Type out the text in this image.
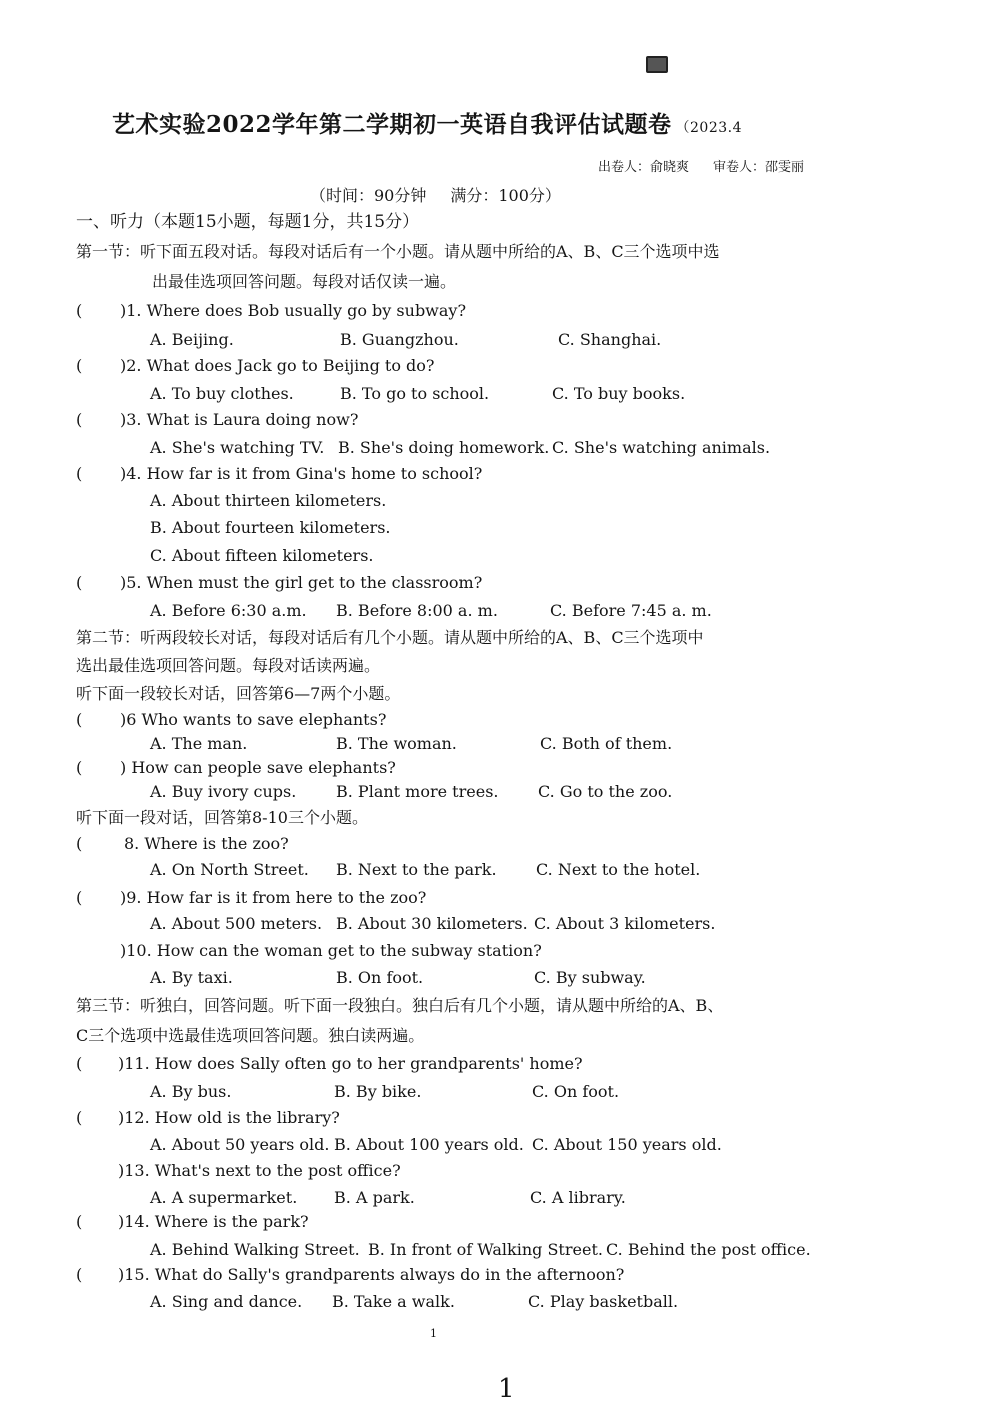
艺术实验2022学年第二学期初一英语自我评估试题卷 （2023.4
出卷人：俞晓爽 审卷人：邵雯丽
（时间：90分钟 满分：100分）
一、听力（本题15小题，每题1分，共15分）
第一节：听下面五段对话。每段对话后有一个小题。请从题中所给的A、B、C三个选项中选
出最佳选项回答问题。每段对话仅读一遍。
( )1. Where does Bob usually go by subway?
A. Beijing.	B. Guangzhou.	C. Shanghai.
( )2. What does Jack go to Beijing to do?
A. To buy clothes.	B. To go to school.	C. To buy books.
( )3. What is Laura doing now?
A. She's watching TV. B. She's doing homework. C. She's watching animals.
( )4. How far is it from Gina's home to school?
A. About thirteen kilometers.
B. About fourteen kilometers.
C. About fifteen kilometers.
( )5. When must the girl get to the classroom?
A. Before 6:30 a.m. B. Before 8:00 a. m.	C. Before 7:45 a. m.
第二节：听两段较长对话，每段对话后有几个小题。请从题中所给的A、B、C三个选项中
选出最佳选项回答问题。每段对话读两遍。
听下面一段较长对话，回答第6—7两个小题。
( )6 Who wants to save elephants?
A. The man.	B. The woman.	C. Both of them.
( ) How can people save elephants?
A. Buy ivory cups. B. Plant more trees. C. Go to the zoo.
听下面一段对话，回答第8-10三个小题。
(	8. Where is the zoo?
A. On North Street. B. Next to the park. C. Next to the hotel.
( )9. How far is it from here to the zoo?
A. About 500 meters. B. About 30 kilometers. C. About 3 kilometers.
)10. How can the woman get to the subway station?
A. By taxi.	B. On foot.	C. By subway.
第三节：听独白，回答问题。听下面一段独白。独白后有几个小题，请从题中所给的A、B、
C三个选项中选最佳选项回答问题。独白读两遍。
( )11. How does Sally often go to her grandparents' home?
A. By bus.	B. By bike.	C. On foot.
( )12. How old is the library?
A. About 50 years old. B. About 100 years old. C. About 150 years old.
)13. What's next to the post office?
A. A supermarket. B. A park.	C. A library.
( )14. Where is the park?
A. Behind Walking Street. B. In front of Walking Street. C. Behind the post office.
( )15. What do Sally's grandparents always do in the afternoon?
A. Sing and dance. B. Take a walk.	C. Play basketball.
1
1
